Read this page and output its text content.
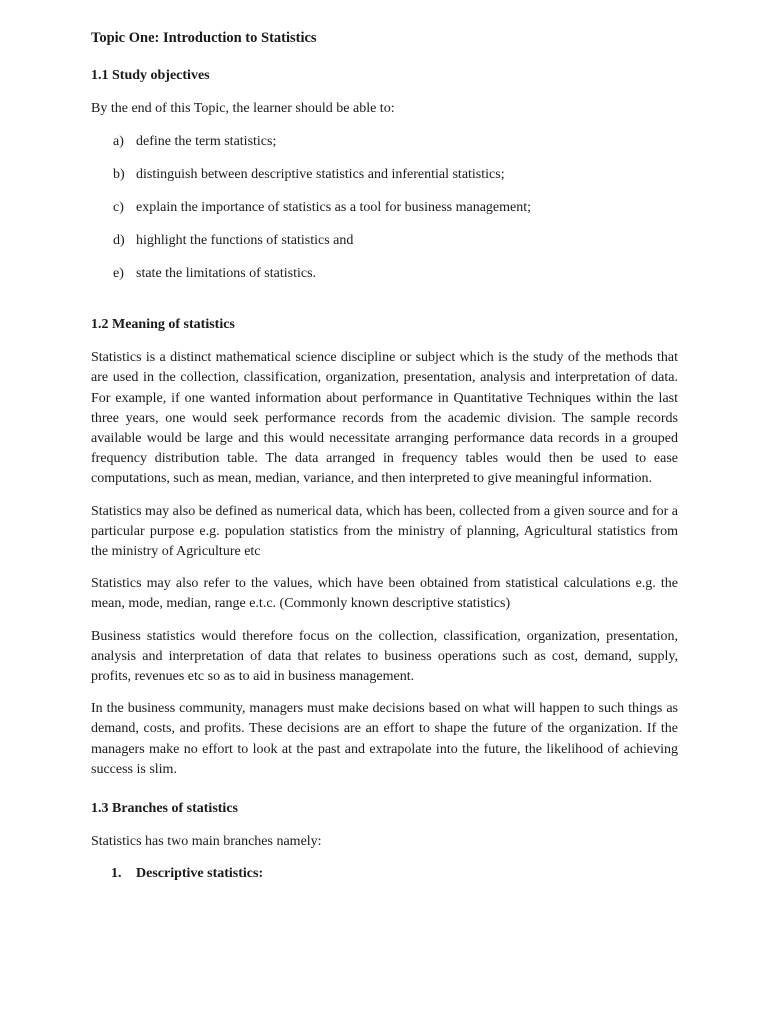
Topic One: Introduction to Statistics
1.1 Study objectives

By the end of this Topic, the learner should be able to:

a) define the term statistics;
b) distinguish between descriptive statistics and inferential statistics;
c) explain the importance of statistics as a tool for business management;
d) highlight the functions of statistics and
e) state the limitations of statistics.
1.2 Meaning of statistics

Statistics is a distinct mathematical science discipline or subject which is the study of the methods that are used in the collection, classification, organization, presentation, analysis and interpretation of data. For example, if one wanted information about performance in Quantitative Techniques within the last three years, one would seek performance records from the academic division. The sample records available would be large and this would necessitate arranging performance data records in a grouped frequency distribution table. The data arranged in frequency tables would then be used to ease computations, such as mean, median, variance, and then interpreted to give meaningful information.

Statistics may also be defined as numerical data, which has been, collected from a given source and for a particular purpose e.g. population statistics from the ministry of planning, Agricultural statistics from the ministry of Agriculture etc

Statistics may also refer to the values, which have been obtained from statistical calculations e.g. the mean, mode, median, range e.t.c. (Commonly known descriptive statistics)

Business statistics would therefore focus on the collection, classification, organization, presentation, analysis and interpretation of data that relates to business operations such as cost, demand, supply, profits, revenues etc so as to aid in business management.

In the business community, managers must make decisions based on what will happen to such things as demand, costs, and profits. These decisions are an effort to shape the future of the organization. If the managers make no effort to look at the past and extrapolate into the future, the likelihood of achieving success is slim.

1.3 Branches of statistics

Statistics has two main branches namely:

1. Descriptive statistics:
